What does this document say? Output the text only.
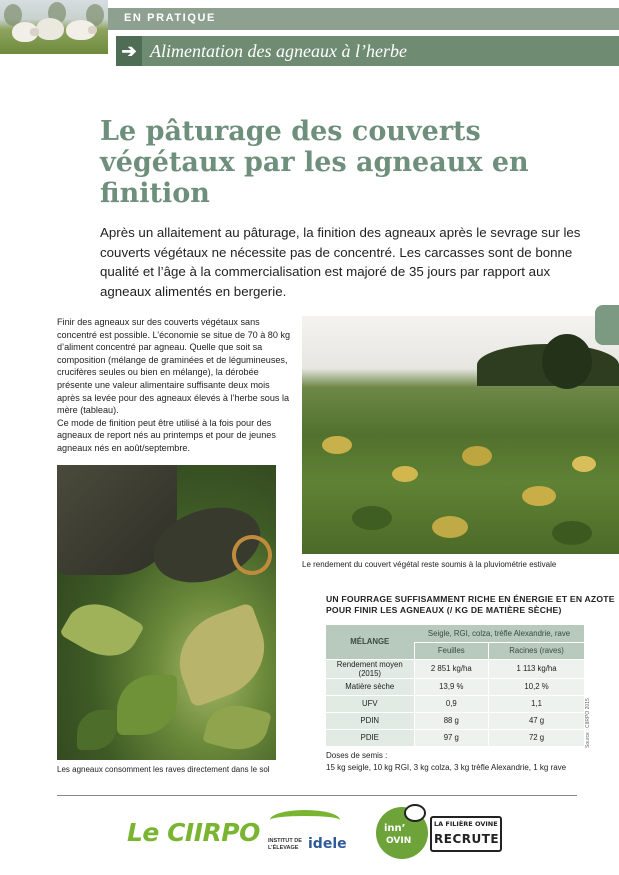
EN PRATIQUE
➔ Alimentation des agneaux à l’herbe
Le pâturage des couverts végétaux par les agneaux en finition

Après un allaitement au pâturage, la finition des agneaux après le sevrage sur les couverts végétaux ne nécessite pas de concentré. Les carcasses sont de bonne qualité et l’âge à la commercialisation est majoré de 35 jours par rapport aux agneaux alimentés en bergerie.

Finir des agneaux sur des couverts végétaux sans concentré est possible. L’économie se situe de 70 à 80 kg d’aliment concentré par agneau. Quelle que soit sa composition (mélange de graminées et de légumineuses, crucifères seules ou bien en mélange), la dérobée présente une valeur alimentaire suffisante deux mois après sa levée pour des agneaux élevés à l’herbe sous la mère (tableau).

Ce mode de finition peut être utilisé à la fois pour des agneaux de report nés au printemps et pour de jeunes agneaux nés en août/septembre.

Les agneaux consomment les raves directement dans le sol
Le rendement du couvert végétal reste soumis à la pluviométrie estivale
UN FOURRAGE SUFFISAMMENT RICHE EN ÉNERGIE ET EN AZOTE POUR FINIR LES AGNEAUX (/ KG DE MATIÈRE SÈCHE)
MÉLANGE	Seigle, RGI, colza, trèfle Alexandrie, rave	
	Feuilles	Racines (raves)
Rendement moyen (2015)	2 851 kg/ha	1 113 kg/ha
Matière sèche	13,9 %	10,2 %
UFV	0,9	1,1
PDIN	88 g	47 g
PDIE	97 g	72 g	Source : CIIRPO 2015
Doses de semis :
15 kg seigle, 10 kg RGI, 3 kg colza, 3 kg trèfle Alexandrie, 1 kg rave
Le CIIRPO INSTITUT DE L’ÉLEVAGE idele
inn’
OVIN
LA FILIÈRE OVINE
RECRUTE
